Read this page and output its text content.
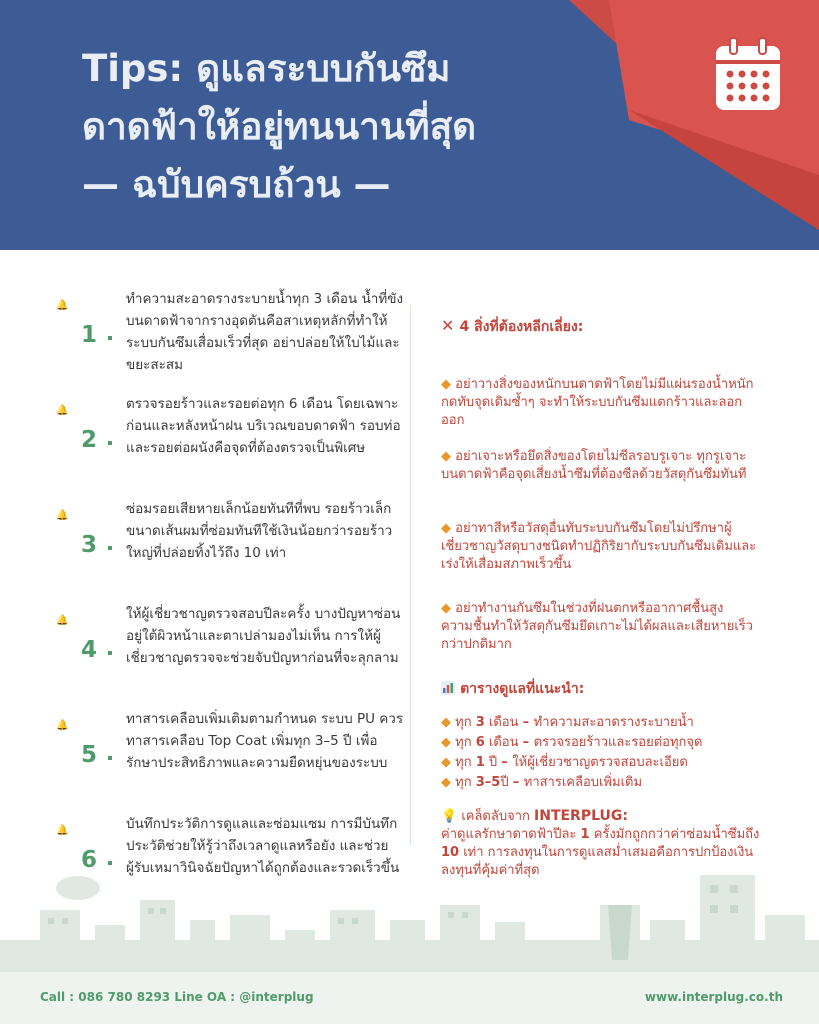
Tips: ดูแลระบบกันซึม
ดาดฟ้าให้อยู่ทนนานที่สุด
— ฉบับครบถ้วน —
🔔
1
ทำความสะอาดรางระบายน้ำทุก 3 เดือน น้ำที่ขังบนดาดฟ้าจากรางอุดตันคือสาเหตุหลักที่ทำให้ระบบกันซึมเสื่อมเร็วที่สุด อย่าปล่อยให้ใบไม้และขยะสะสม
🔔
2
ตรวจรอยร้าวและรอยต่อทุก 6 เดือน โดยเฉพาะก่อนและหลังหน้าฝน บริเวณขอบดาดฟ้า รอบท่อ และรอยต่อผนังคือจุดที่ต้องตรวจเป็นพิเศษ
🔔
3
ซ่อมรอยเสียหายเล็กน้อยทันทีที่พบ รอยร้าวเล็กขนาดเส้นผมที่ซ่อมทันทีใช้เงินน้อยกว่ารอยร้าวใหญ่ที่ปล่อยทิ้งไว้ถึง 10 เท่า
🔔
4
ให้ผู้เชี่ยวชาญตรวจสอบปีละครั้ง บางปัญหาซ่อนอยู่ใต้ผิวหน้าและตาเปล่ามองไม่เห็น การให้ผู้เชี่ยวชาญตรวจจะช่วยจับปัญหาก่อนที่จะลุกลาม
🔔
5
ทาสารเคลือบเพิ่มเติมตามกำหนด ระบบ PU ควรทาสารเคลือบ Top Coat เพิ่มทุก 3–5 ปี เพื่อรักษาประสิทธิภาพและความยืดหยุ่นของระบบ
🔔
6
บันทึกประวัติการดูแลและซ่อมแซม การมีบันทึกประวัติช่วยให้รู้ว่าถึงเวลาดูแลหรือยัง และช่วยผู้รับเหมาวินิจฉัยปัญหาได้ถูกต้องและรวดเร็วขึ้น
✕ 4 สิ่งที่ต้องหลีกเลี่ยง:
◆ อย่าวางสิ่งของหนักบนดาดฟ้าโดยไม่มีแผ่นรองน้ำหนักกดทับจุดเดิมซ้ำๆ จะทำให้ระบบกันซึมแตกร้าวและลอกออก
◆ อย่าเจาะหรือยึดสิ่งของโดยไม่ซีลรอบรูเจาะ ทุกรูเจาะบนดาดฟ้าคือจุดเสี่ยงน้ำซึมที่ต้องซีลด้วยวัสดุกันซึมทันที
◆ อย่าทาสีหรือวัสดุอื่นทับระบบกันซึมโดยไม่ปรึกษาผู้เชี่ยวชาญวัสดุบางชนิดทำปฏิกิริยากับระบบกันซึมเดิมและเร่งให้เสื่อมสภาพเร็วขึ้น
◆ อย่าทำงานกันซึมในช่วงที่ฝนตกหรืออากาศชื้นสูงความชื้นทำให้วัสดุกันซึมยึดเกาะไม่ได้ผลและเสียหายเร็วกว่าปกติมาก
ตารางดูแลที่แนะนำ:
◆ ทุก 3 เดือน – ทำความสะอาดรางระบายน้ำ
◆ ทุก 6 เดือน – ตรวจรอยร้าวและรอยต่อทุกจุด
◆ ทุก 1 ปี – ให้ผู้เชี่ยวชาญตรวจสอบละเอียด
◆ ทุก 3–5ปี – ทาสารเคลือบเพิ่มเติม
💡 เคล็ดลับจาก INTERPLUG:
ค่าดูแลรักษาดาดฟ้าปีละ 1 ครั้งมักถูกกว่าค่าซ่อมน้ำซึมถึง 10 เท่า การลงทุนในการดูแลสม่ำเสมอคือการปกป้องเงินลงทุนที่คุ้มค่าที่สุด
Call : 086 780 8293 Line OA : @interplug	www.interplug.co.th
